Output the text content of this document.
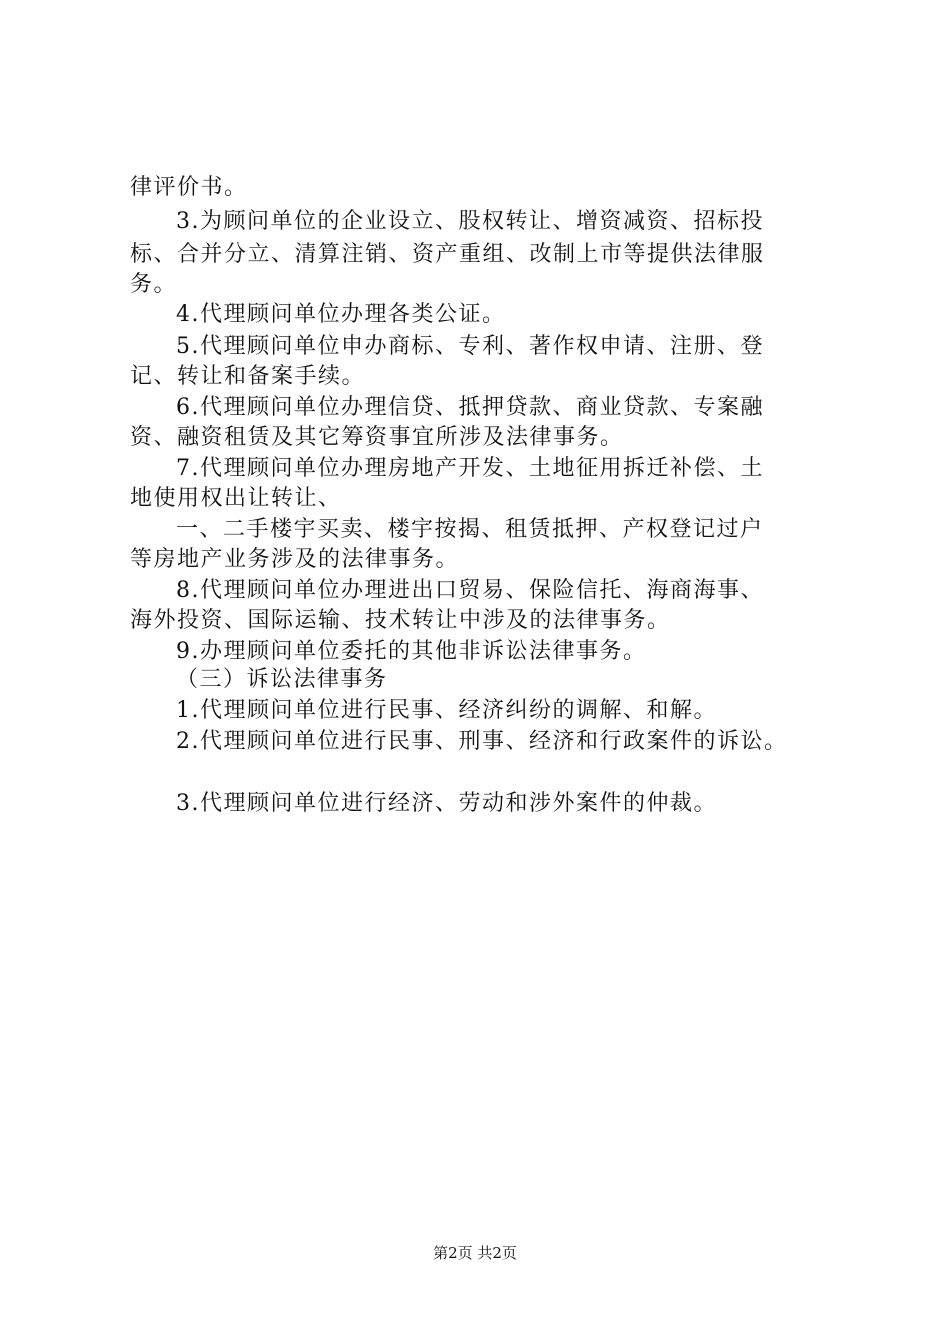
律评价书。
3.为顾问单位的企业设立、股权转让、增资减资、招标投
标、合并分立、清算注销、资产重组、改制上市等提供法律服
务。
4.代理顾问单位办理各类公证。
5.代理顾问单位申办商标、专利、著作权申请、注册、登
记、转让和备案手续。
6.代理顾问单位办理信贷、抵押贷款、商业贷款、专案融
资、融资租赁及其它筹资事宜所涉及法律事务。
7.代理顾问单位办理房地产开发、土地征用拆迁补偿、土
地使用权出让转让、
一、二手楼宇买卖、楼宇按揭、租赁抵押、产权登记过户
等房地产业务涉及的法律事务。
8.代理顾问单位办理进出口贸易、保险信托、海商海事、
海外投资、国际运输、技术转让中涉及的法律事务。
9.办理顾问单位委托的其他非诉讼法律事务。
（三）诉讼法律事务
1.代理顾问单位进行民事、经济纠纷的调解、和解。
2.代理顾问单位进行民事、刑事、经济和行政案件的诉讼。
3.代理顾问单位进行经济、劳动和涉外案件的仲裁。
第2页 共2页
